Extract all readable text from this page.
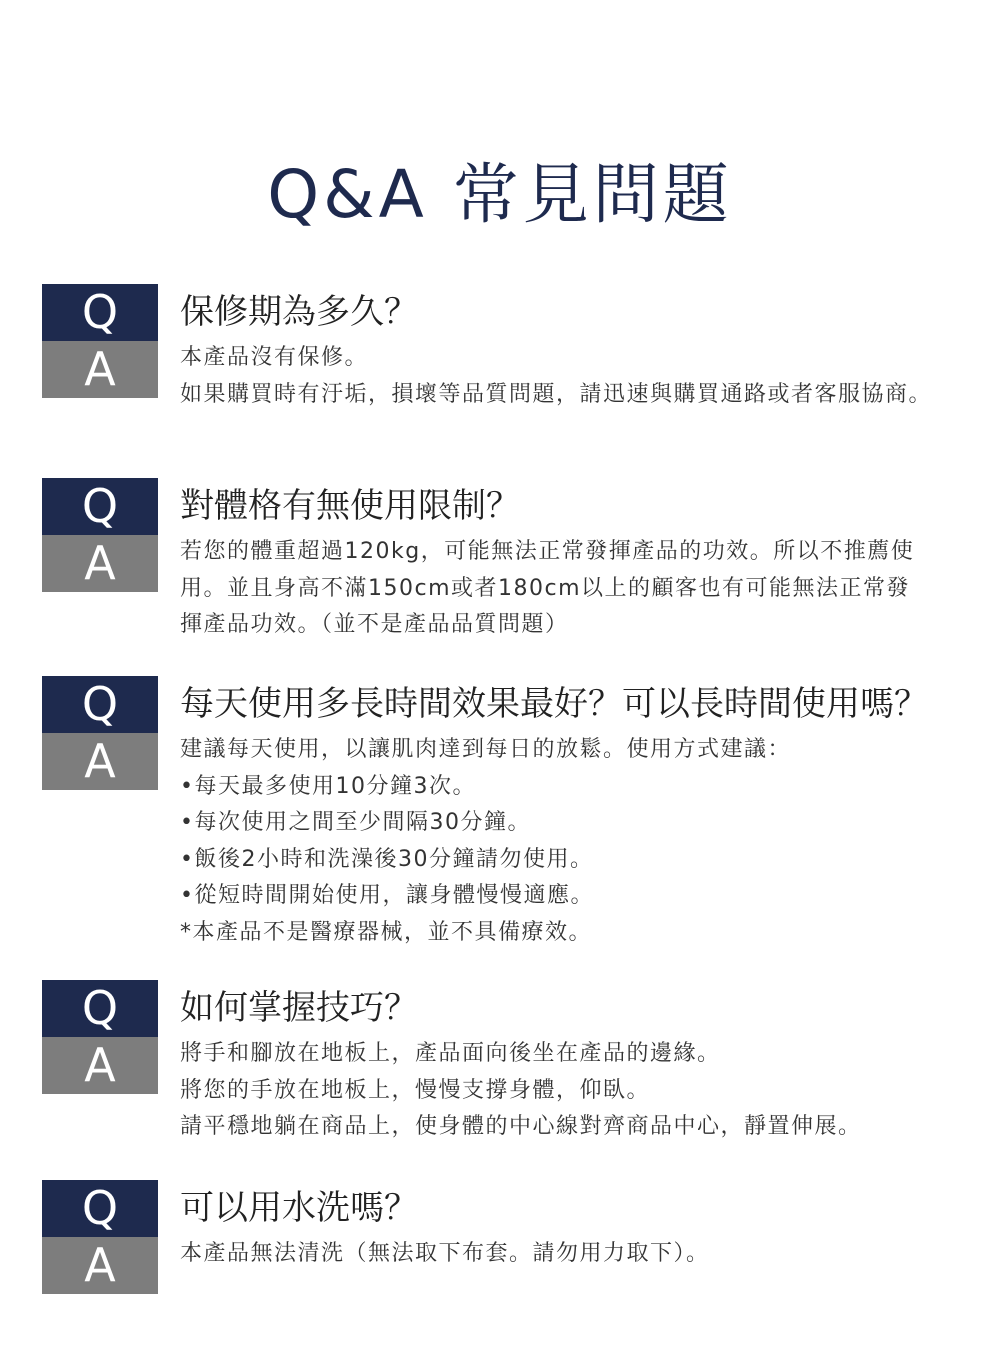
Q&A 常見問題
Q
A
保修期為多久？
本產品沒有保修。
如果購買時有汙垢，損壞等品質問題，請迅速與購買通路或者客服協商。
Q
A
對體格有無使用限制？
若您的體重超過120kg，可能無法正常發揮產品的功效。所以不推薦使
用。並且身高不滿150cm或者180cm以上的顧客也有可能無法正常發
揮產品功效。（並不是產品品質問題）
Q
A
每天使用多長時間效果最好？可以長時間使用嗎？
建議每天使用，以讓肌肉達到每日的放鬆。使用方式建議：
•每天最多使用10分鐘3次。
•每次使用之間至少間隔30分鐘。
•飯後2小時和洗澡後30分鐘請勿使用。
•從短時間開始使用，讓身體慢慢適應。
*本產品不是醫療器械，並不具備療效。
Q
A
如何掌握技巧？
將手和腳放在地板上，產品面向後坐在產品的邊緣。
將您的手放在地板上，慢慢支撐身體，仰臥。
請平穩地躺在商品上，使身體的中心線對齊商品中心，靜置伸展。
Q
A
可以用水洗嗎？
本產品無法清洗（無法取下布套。請勿用力取下）。
